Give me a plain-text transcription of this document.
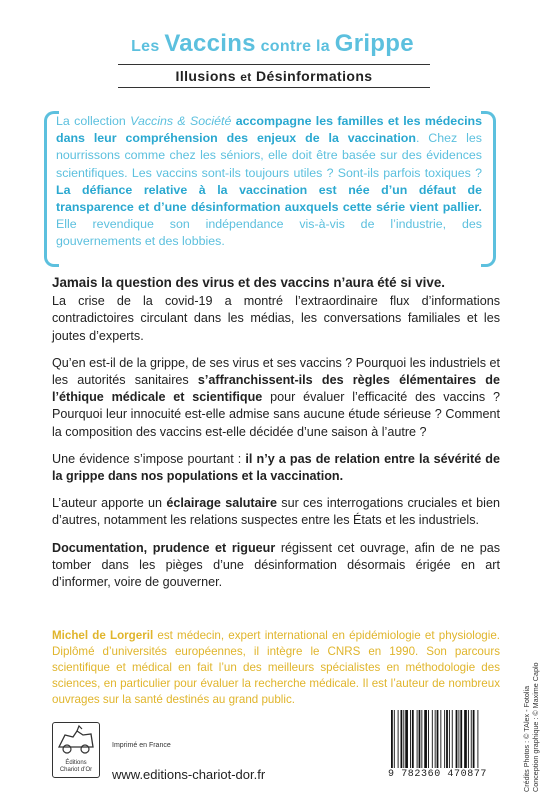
Les Vaccins contre la Grippe
Illusions et Désinformations

La collection Vaccins & Société accompagne les familles et les médecins dans leur compréhension des enjeux de la vaccination. Chez les nourrissons comme chez les séniors, elle doit être basée sur des évidences scientifiques. Les vaccins sont-ils toujours utiles ? Sont-ils parfois toxiques ? La défiance relative à la vaccination est née d’un défaut de transparence et d’une désinformation auxquels cette série vient pallier. Elle revendique son indépendance vis-à-vis de l’industrie, des gouvernements et des lobbies.

Jamais la question des virus et des vaccins n’aura été si vive.

La crise de la covid-19 a montré l’extraordinaire flux d’informations contradictoires circulant dans les médias, les conversations familiales et les joutes d’experts.

Qu’en est-il de la grippe, de ses virus et ses vaccins ? Pourquoi les industriels et les autorités sanitaires s’affranchissent-ils des règles élémentaires de l’éthique médicale et scientifique pour évaluer l’efficacité des vaccins ? Pourquoi leur innocuité est-elle admise sans aucune étude sérieuse ? Comment la composition des vaccins est-elle décidée d’une saison à l’autre ?

Une évidence s’impose pourtant : il n’y a pas de relation entre la sévérité de la grippe dans nos populations et la vaccination.

L’auteur apporte un éclairage salutaire sur ces interrogations cruciales et bien d’autres, notamment les relations suspectes entre les États et les industriels.

Documentation, prudence et rigueur régissent cet ouvrage, afin de ne pas tomber dans les pièges d’une désinformation désormais érigée en art d’informer, voire de gouverner.

Michel de Lorgeril est médecin, expert international en épidémiologie et physiologie. Diplômé d’universités européennes, il intègre le CNRS en 1990. Son parcours scientifique et médical en fait l’un des meilleurs spécialistes en méthodologie des sciences, en particulier pour évaluer la recherche médicale. Il est l’auteur de nombreux ouvrages sur la santé destinés au grand public.

Éditions
Chariot d’Or
Imprimé en France
www.editions-chariot-dor.fr	9 782360 470877	Crédits Photos : © TAlex - Fotolia Conception graphique : © Maxime Caplo
